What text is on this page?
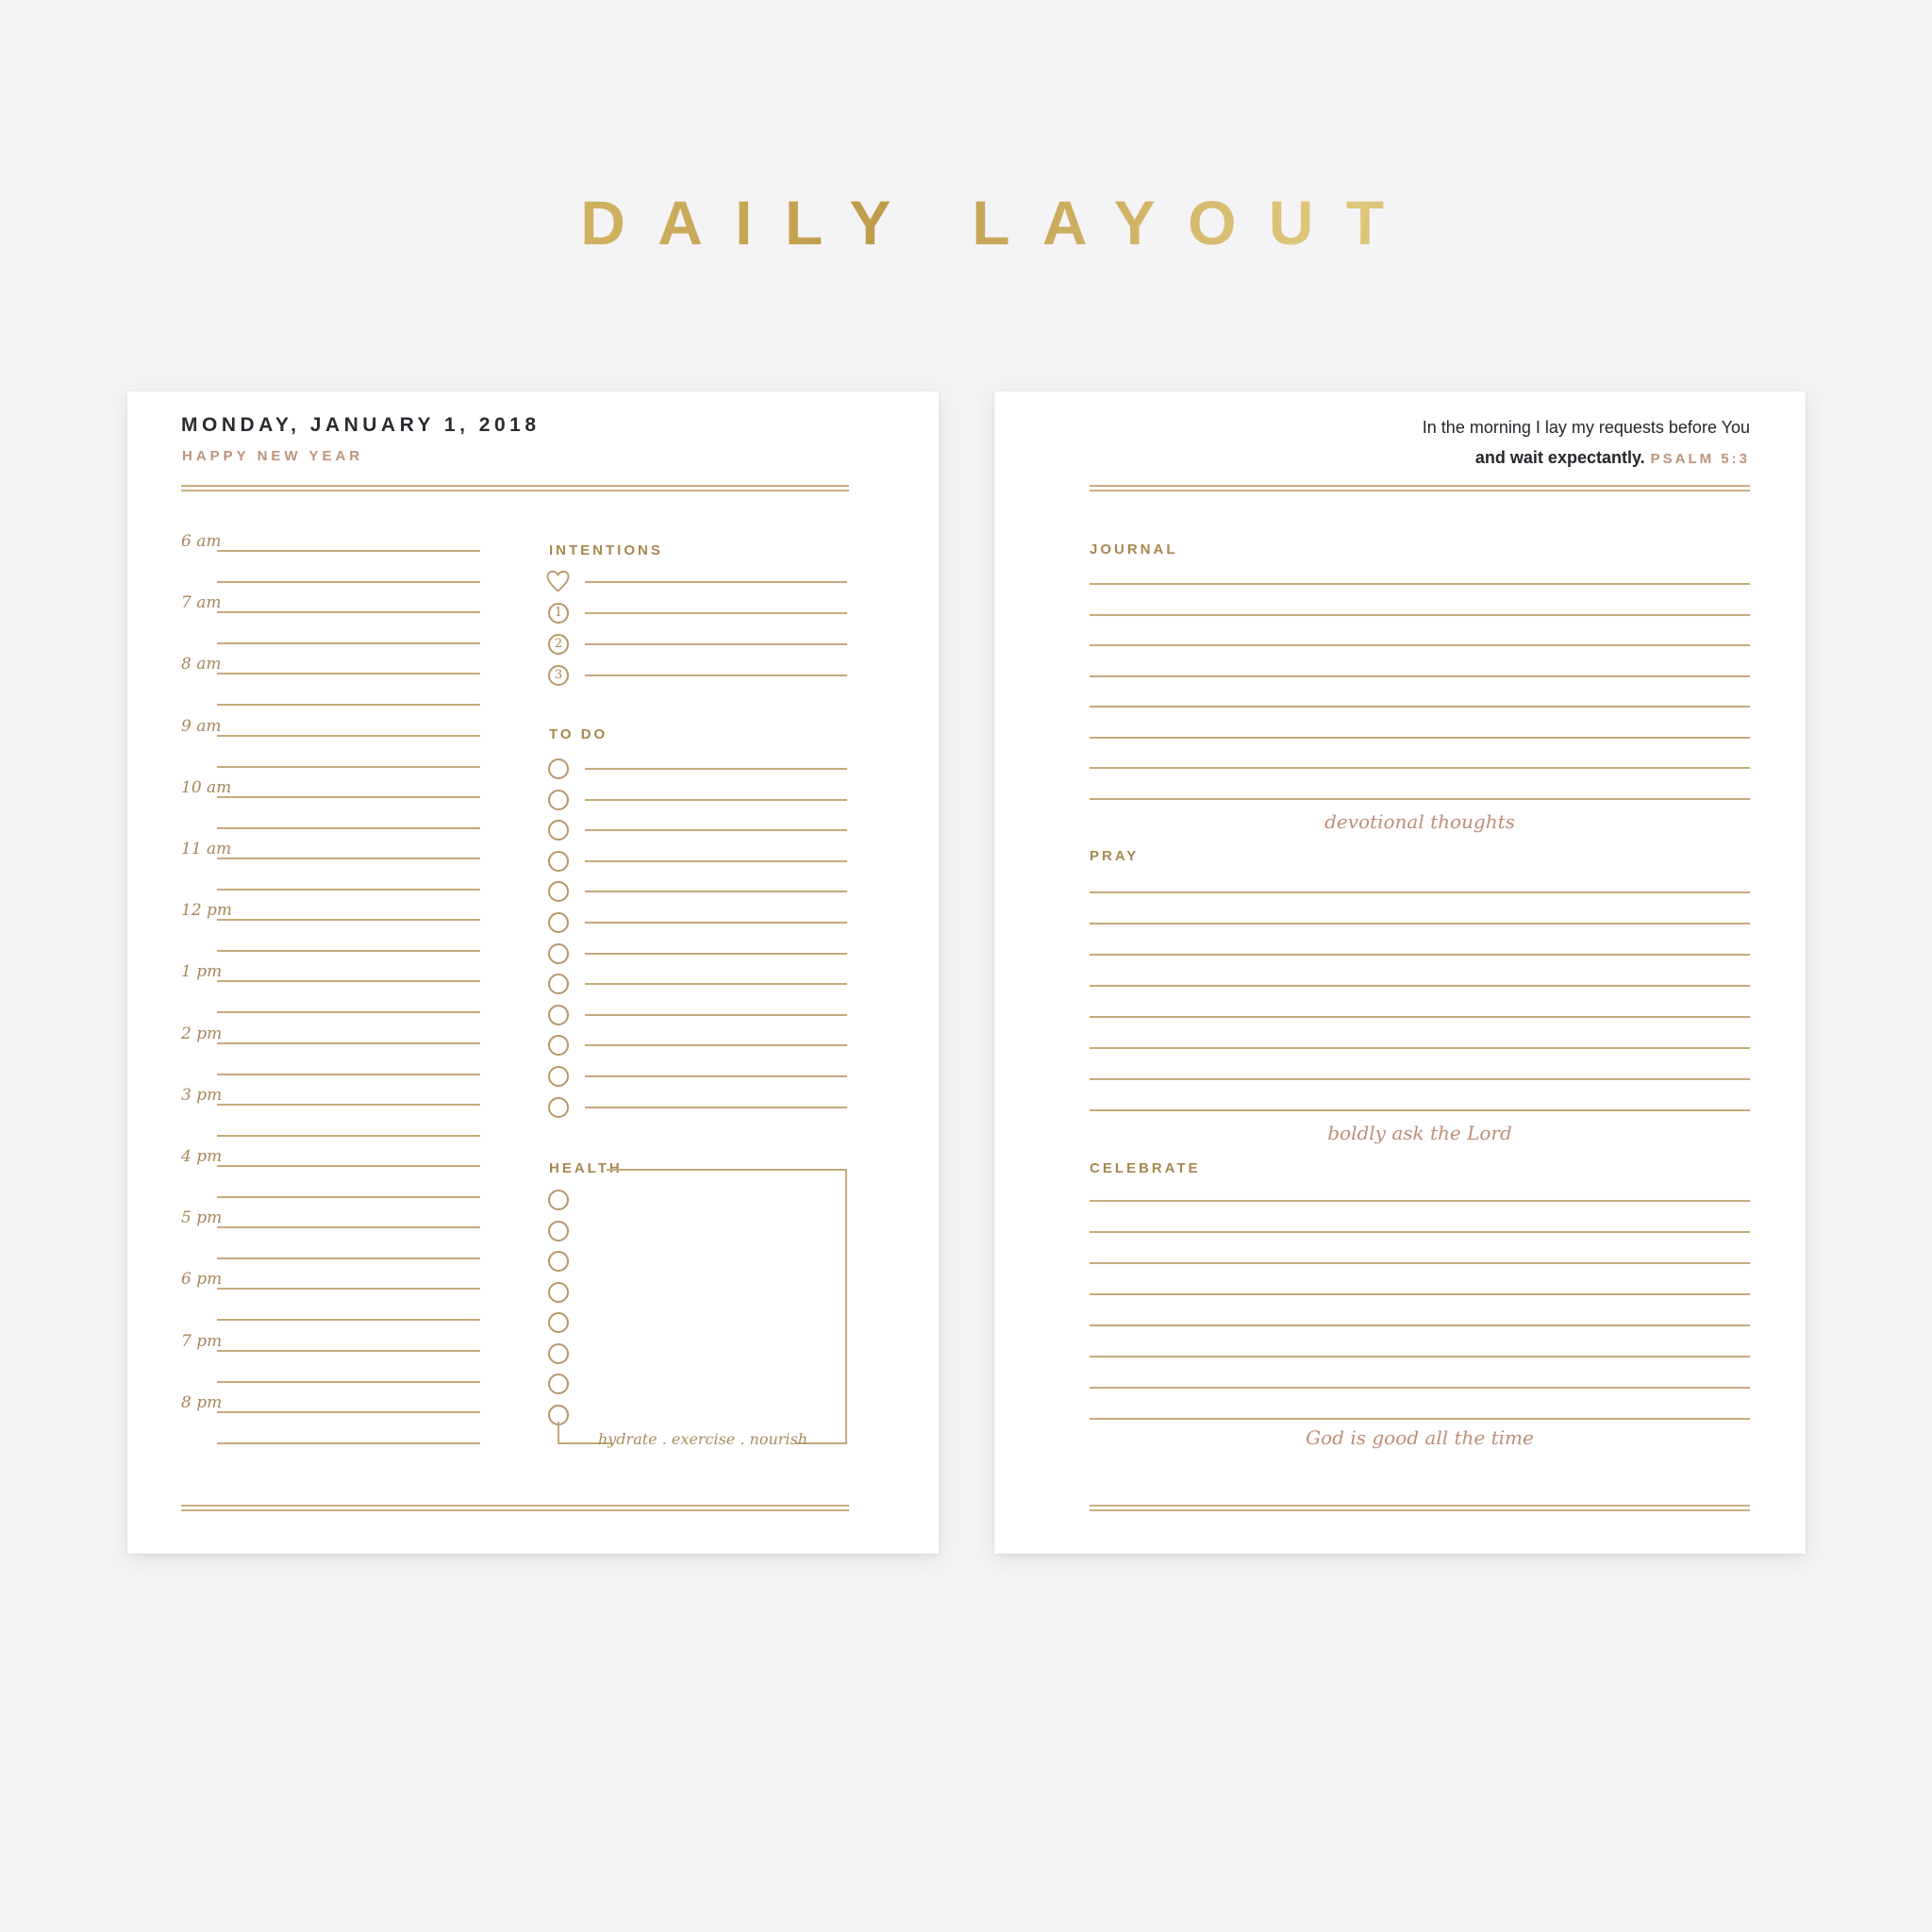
DAILY LAYOUT
MONDAY, JANUARY 1, 2018
HAPPY NEW YEAR
6 am
7 am
8 am
9 am
10 am
11 am
12 pm
1 pm
2 pm
3 pm
4 pm
5 pm
6 pm
7 pm
8 pm
INTENTIONS
1
2
3
TO DO
HEALTH
hydrate . exercise . nourish
In the morning I lay my requests before You
and wait expectantly. PSALM 5:3
JOURNAL
devotional thoughts
PRAY
boldly ask the Lord
CELEBRATE
God is good all the time
